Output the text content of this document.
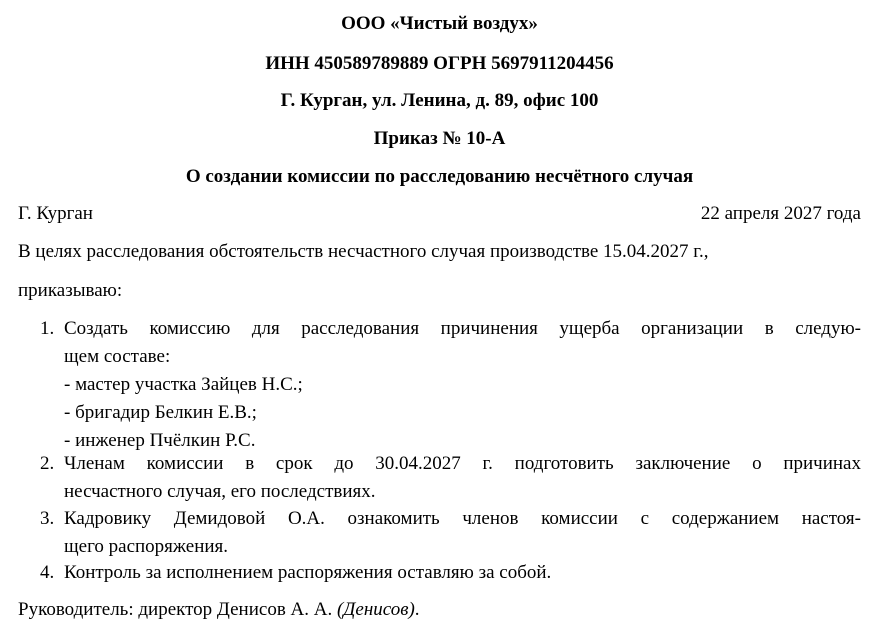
ООО «Чистый воздух»
ИНН 450589789889 ОГРН 5697911204456
Г. Курган, ул. Ленина, д. 89, офис 100
Приказ № 10-А
О создании комиссии по расследованию несчётного случая
Г. Курган	22 апреля 2027 года
В целях расследования обстоятельств несчастного случая производстве 15.04.2027 г.,
приказываю:
1. Создать комиссию для расследования причинения ущерба организации в следую-
щем составе:
- мастер участка Зайцев Н.С.;
- бригадир Белкин Е.В.;
- инженер Пчёлкин Р.С.
2. Членам комиссии в срок до 30.04.2027 г. подготовить заключение о причинах
несчастного случая, его последствиях.
3. Кадровику Демидовой О.А. ознакомить членов комиссии с содержанием настоя-
щего распоряжения.
4. Контроль за исполнением распоряжения оставляю за собой.
Руководитель: директор Денисов А. А. (Денисов).
